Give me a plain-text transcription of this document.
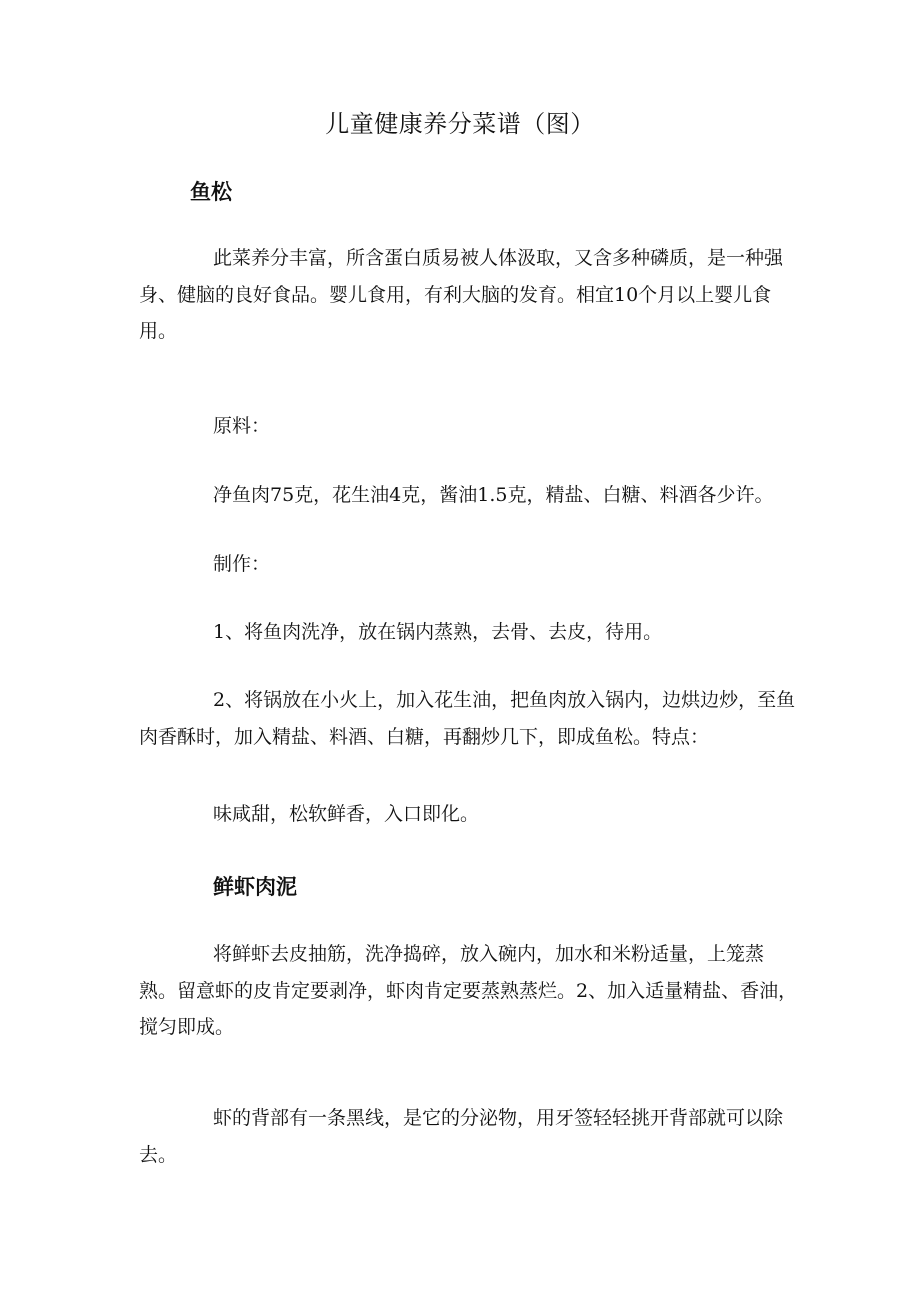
儿童健康养分菜谱（图）
鱼松
此菜养分丰富，所含蛋白质易被人体汲取，又含多种磷质，是一种强身、健脑的良好食品。婴儿食用，有利大脑的发育。相宜10个月以上婴儿食用。
原料：
净鱼肉75克，花生油4克，酱油1.5克，精盐、白糖、料酒各少许。
制作：
1、将鱼肉洗净，放在锅内蒸熟，去骨、去皮，待用。
2、将锅放在小火上，加入花生油，把鱼肉放入锅内，边烘边炒，至鱼肉香酥时，加入精盐、料酒、白糖，再翻炒几下，即成鱼松。特点：
味咸甜，松软鲜香，入口即化。
鲜虾肉泥
将鲜虾去皮抽筋，洗净捣碎，放入碗内，加水和米粉适量，上笼蒸熟。留意虾的皮肯定要剥净，虾肉肯定要蒸熟蒸烂。2、加入适量精盐、香油，搅匀即成。
虾的背部有一条黑线，是它的分泌物，用牙签轻轻挑开背部就可以除去。
